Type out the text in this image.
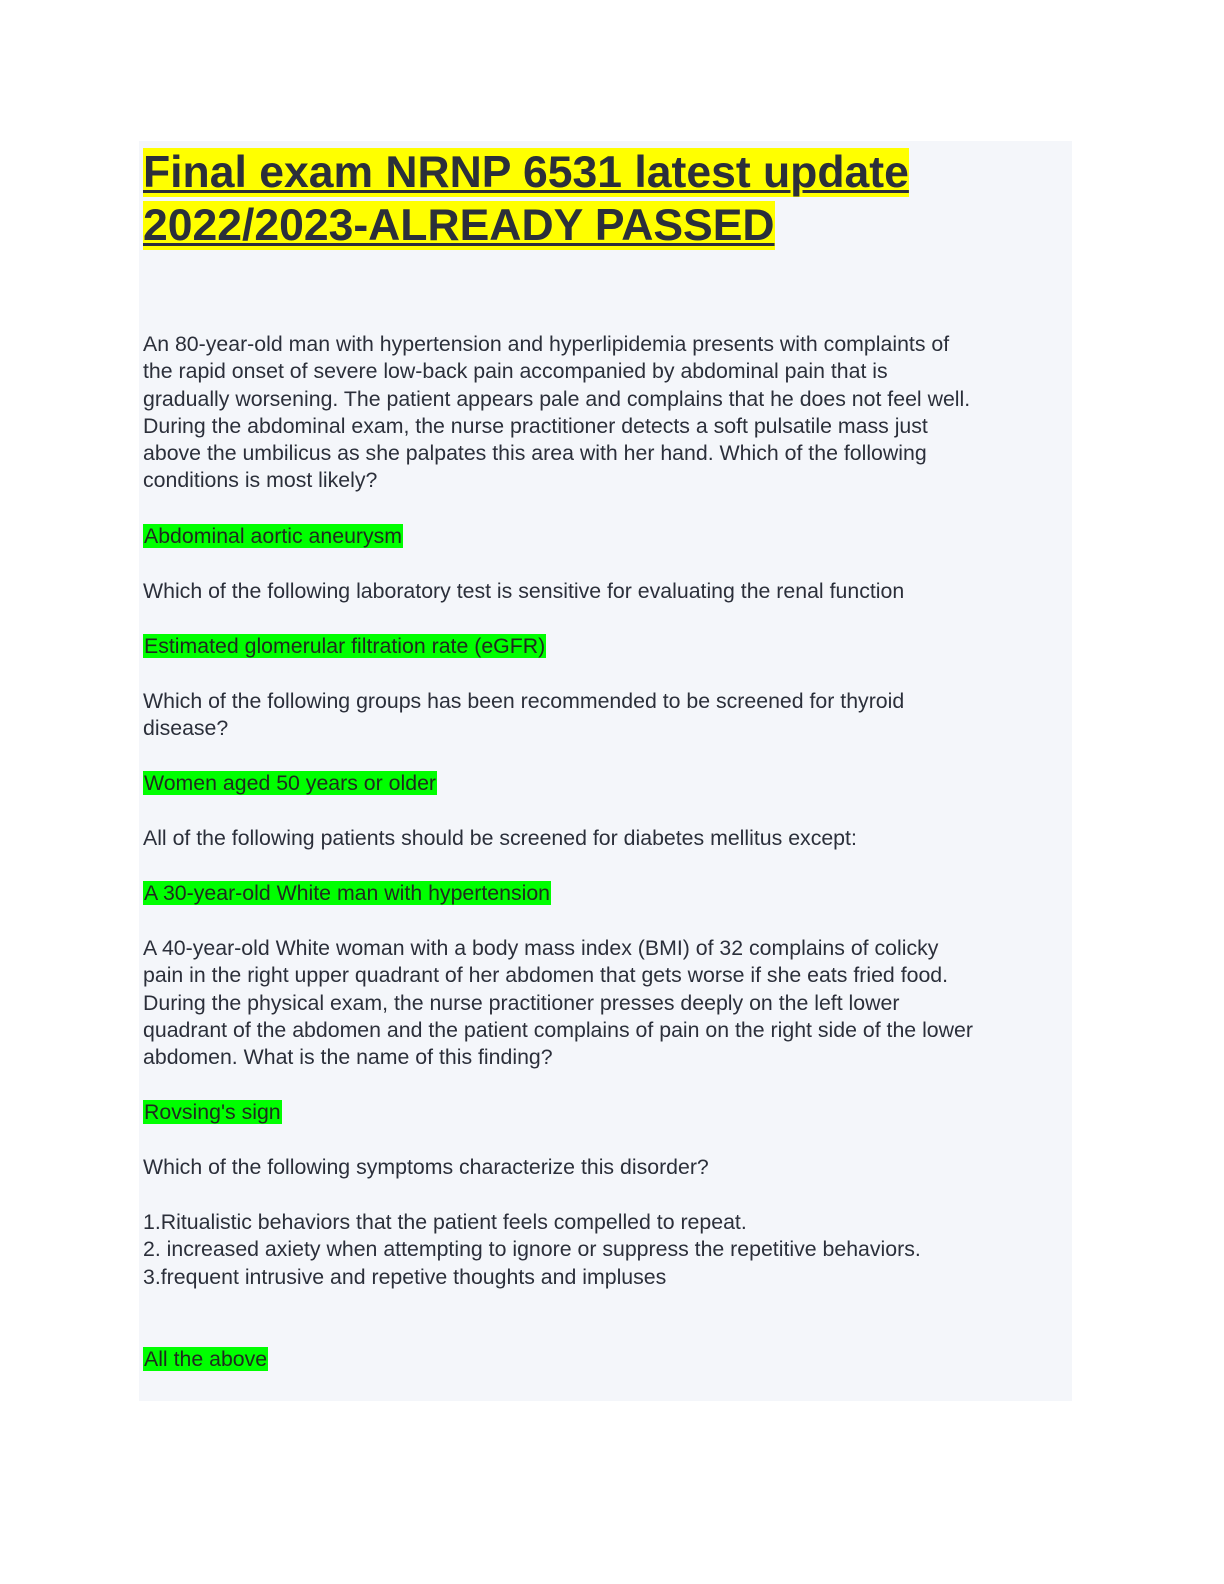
Final exam NRNP 6531 latest update
2022/2023-ALREADY PASSED
An 80-year-old man with hypertension and hyperlipidemia presents with complaints of
the rapid onset of severe low-back pain accompanied by abdominal pain that is
gradually worsening. The patient appears pale and complains that he does not feel well.
During the abdominal exam, the nurse practitioner detects a soft pulsatile mass just
above the umbilicus as she palpates this area with her hand. Which of the following
conditions is most likely?
Abdominal aortic aneurysm
Which of the following laboratory test is sensitive for evaluating the renal function
Estimated glomerular filtration rate (eGFR)
Which of the following groups has been recommended to be screened for thyroid
disease?
Women aged 50 years or older
All of the following patients should be screened for diabetes mellitus except:
A 30-year-old White man with hypertension
A 40-year-old White woman with a body mass index (BMI) of 32 complains of colicky
pain in the right upper quadrant of her abdomen that gets worse if she eats fried food.
During the physical exam, the nurse practitioner presses deeply on the left lower
quadrant of the abdomen and the patient complains of pain on the right side of the lower
abdomen. What is the name of this finding?
Rovsing's sign
Which of the following symptoms characterize this disorder?
1.Ritualistic behaviors that the patient feels compelled to repeat.
2. increased axiety when attempting to ignore or suppress the repetitive behaviors.
3.frequent intrusive and repetive thoughts and impluses
All the above
